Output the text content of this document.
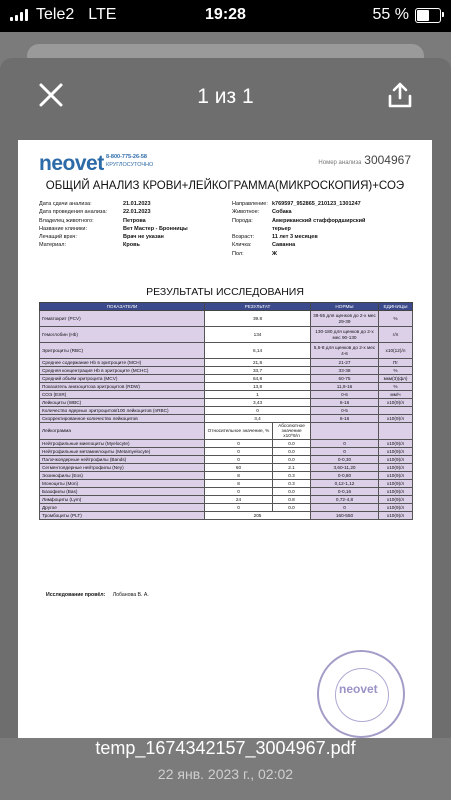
Tele2 LTE	19:28	55 %
1 из 1
neovet 8-800-775-26-58
КРУГЛОСУТОЧНО	Номер анализа 3004967
ОБЩИЙ АНАЛИЗ КРОВИ+ЛЕЙКОГРАММА(МИКРОСКОПИЯ)+СОЭ
Дата сдачи анализа:	21.01.2023
Дата проведения анализа:	22.01.2023
Владелец животного:	Петрова
Название клиники:	Вет Мастер - Бронницы
Лечащий врач:	Врач не указан
Материал:	Кровь
Направление: k769597_952865_210123_1301247
Животное:	Собака
Порода:	Американский стаффордширский терьер
Возраст:	11 лет 3 месяцев
Кличка:	Саванна
Пол:	Ж
РЕЗУЛЬТАТЫ ИССЛЕДОВАНИЯ
ПОКАЗАТЕЛИ	РЕЗУЛЬТАТ		НОРМЫ	ЕДИНИЦЫ
Гематокрит (PCV)	39.8		38-55 для щенков до 2-х мес 29-39	%
Гемоглобин (Hb)	134		130-180 для щенков до 2-х мес 90-130	г/л
Эритроциты (RBC)	6,14		5,6-8 для щенков до 2-х мес 4-6	x10(12)/л
Среднее содержание Hb в эритроците (MCH)	21,8		21-27	Пг
Средняя концентрация Hb в эритроците (MCHC)	33,7		33-38	%
Средний объём эритроцита (MCV)	64,8		60-75	мкм(3)(фл)
Показатель анизоцитоза эритроцитов (RDW)	13,8		11,9-16	%
СОЭ (ESR)	1		0-6	мм/ч
Лейкоциты (WBC)	3,43		6-16	x10(9)/л
Количество ядерных эритроцитов/100 лейкоцитов (nRBC)	0		0-5	
Скорректированное количество лейкоцитов	3,4		6-16	x10(9)/л
Лейкограмма	Относительное значение, %	Абсолютное значение x10^9/л		
Нейтрофильные миелоциты (Myelocyte)	0	0.0	0	x10(9)/л
Нейтрофильные метамиелоциты (Metamyelocyte)	0	0.0	0	x10(9)/л
Палочкоядерные нейтрофилы (Bands)	0	0.0	0-0,30	x10(9)/л
Сегментоядерные нейтрофилы (Neу)	60	2.1	3,60-11,20	x10(9)/л
Эозинофилы (Eos)	8	0.3	0-0,80	x10(9)/л
Моноциты (Mon)	8	0.3	0,12-1,12	x10(9)/л
Базофилы (Bas)	0	0.0	0-0,16	x10(9)/л
Лимфоциты (Lym)	24	0.8	0,72-4,8	x10(9)/л
Другое	0	0.0	0	x10(9)/л
Тромбоциты (PLT)	205		160-550	x10(9)/л
Исследование провёл: Лобанова В. А.
neovet
temp_1674342157_3004967.pdf
22 янв. 2023 г., 02:02
